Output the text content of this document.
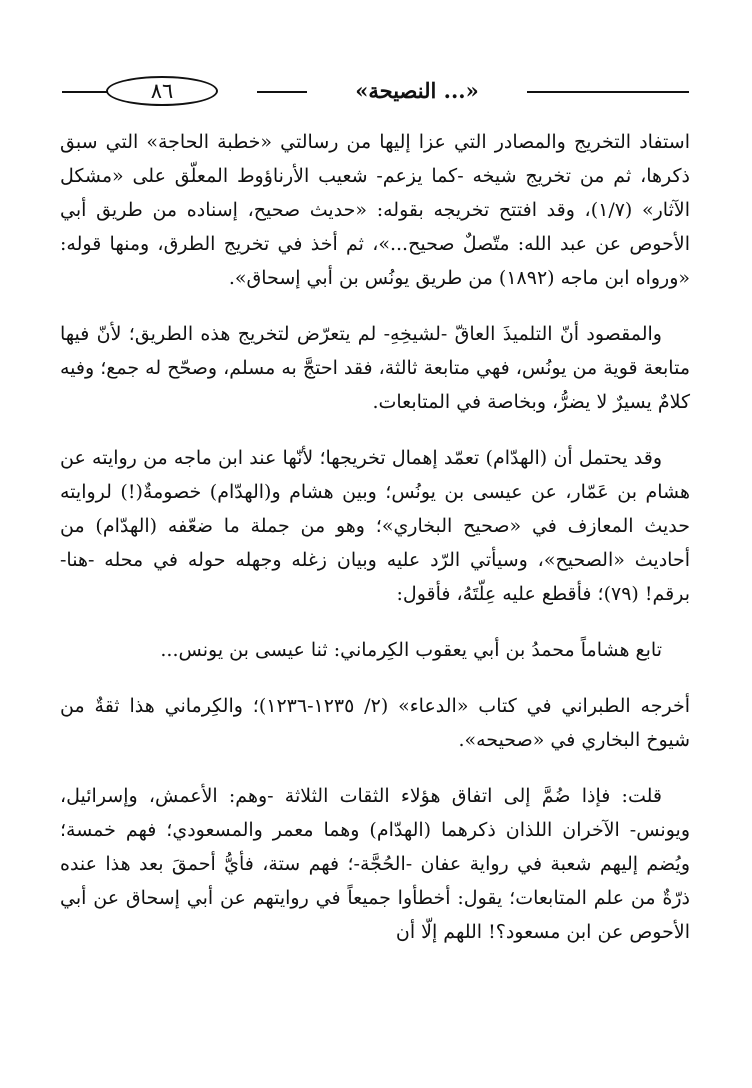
٨٦	«النصيحة ...»

استفاد التخريج والمصادر التي عزا إليها من رسالتي «خطبة الحاجة» التي سبق ذكرها، ثم من تخريج شيخه -كما يزعم- شعيب الأرناؤوط المعلّق على «مشكل الآثار» (١/٧)، وقد افتتح تخريجه بقوله: «حديث صحيح، إسناده من طريق أبي الأحوص عن عبد الله: متّصلٌ صحيح...»، ثم أخذ في تخريج الطرق، ومنها قوله: «ورواه ابن ماجه (١٨٩٢) من طريق يونُس بن أبي إسحاق».

والمقصود أنّ التلميذَ العاقّ -لشيخِهِ- لم يتعرّض لتخريج هذه الطريق؛ لأنّ فيها متابعة قوية من يونُس، فهي متابعة ثالثة، فقد احتجَّ به مسلم، وصحّح له جمع؛ وفيه كلامٌ يسيرٌ لا يضرُّ، وبخاصة في المتابعات.

وقد يحتمل أن (الهدّام) تعمّد إهمال تخريجها؛ لأنّها عند ابن ماجه من روايته عن هشام بن عَمّار، عن عيسى بن يونُس؛ وبين هشام و(الهدّام) خصومةٌ(!) لروايته حديث المعازف في «صحيح البخاري»؛ وهو من جملة ما ضعّفه (الهدّام) من أحاديث «الصحيح»، وسيأتي الرّد عليه وبيان زغله وجهله حوله في محله -هنا- برقم! (٧٩)؛ فأقطع عليه عِلّتَهُ، فأقول:

تابع هشاماً محمدُ بن أبي يعقوب الكِرماني: ثنا عيسى بن يونس...

أخرجه الطبراني في كتاب «الدعاء» (٢/ ١٢٣٥-١٢٣٦)؛ والكِرماني هذا ثقةٌ من شيوخ البخاري في «صحيحه».

قلت: فإذا ضُمَّ إلى اتفاق هؤلاء الثقات الثلاثة -وهم: الأعمش، وإسرائيل، ويونس- الآخران اللذان ذكرهما (الهدّام) وهما معمر والمسعودي؛ فهم خمسة؛ ويُضم إليهم شعبة في رواية عفان -الحُجَّة-؛ فهم ستة، فأيُّ أحمقَ بعد هذا عنده ذرّةٌ من علم المتابعات؛ يقول: أخطأوا جميعاً في روايتهم عن أبي إسحاق عن أبي الأحوص عن ابن مسعود؟! اللهم إلّا أن
